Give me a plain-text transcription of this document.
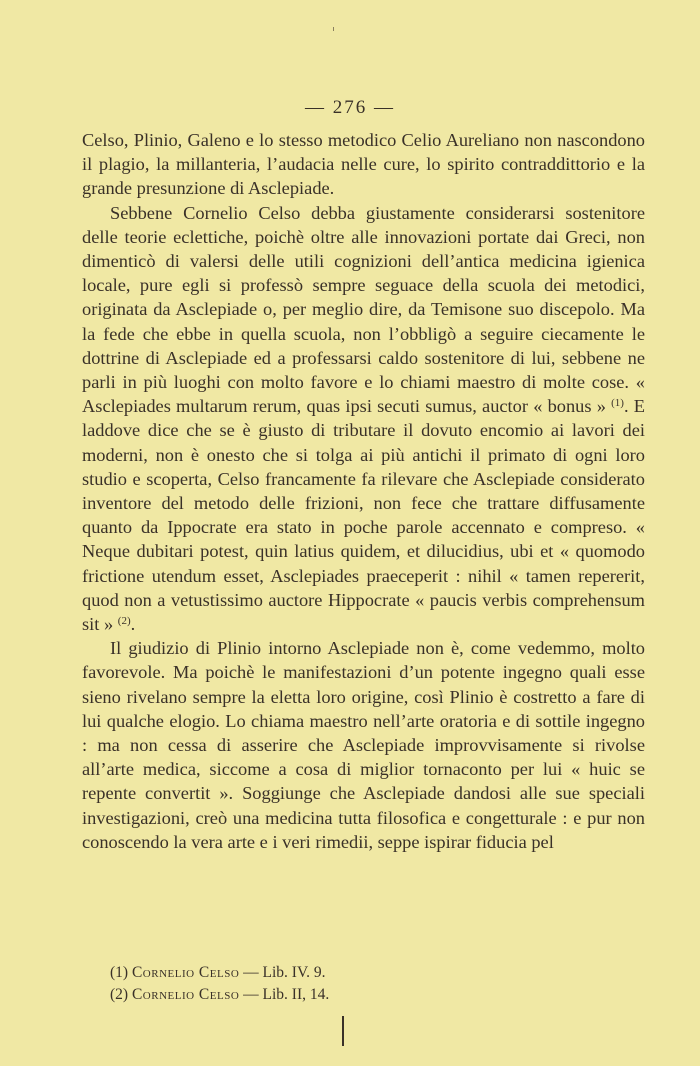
— 276 —

Celso, Plinio, Galeno e lo stesso metodico Celio Aureliano non nascondono il plagio, la millanteria, l’audacia nelle cure, lo spirito contraddittorio e la grande presunzione di Asclepiade.

Sebbene Cornelio Celso debba giustamente considerarsi sostenitore delle teorie eclettiche, poichè oltre alle innovazioni portate dai Greci, non dimenticò di valersi delle utili cognizioni dell’antica medicina igienica locale, pure egli si professò sempre seguace della scuola dei metodici, originata da Asclepiade o, per meglio dire, da Temisone suo discepolo. Ma la fede che ebbe in quella scuola, non l’obbligò a seguire ciecamente le dottrine di Asclepiade ed a professarsi caldo sostenitore di lui, sebbene ne parli in più luoghi con molto favore e lo chiami maestro di molte cose. « Asclepiades multarum rerum, quas ipsi secuti sumus, auctor « bonus » $^{(1)}$. E laddove dice che se è giusto di tributare il dovuto encomio ai lavori dei moderni, non è onesto che si tolga ai più antichi il primato di ogni loro studio e scoperta, Celso francamente fa rilevare che Asclepiade considerato inventore del metodo delle frizioni, non fece che trattare diffusamente quanto da Ippocrate era stato in poche parole accennato e compreso. « Neque dubitari potest, quin latius quidem, et dilucidius, ubi et « quomodo frictione utendum esset, Asclepiades praeceperit : nihil « tamen repererit, quod non a vetustissimo auctore Hippocrate « paucis verbis comprehensum sit » $^{(2)}$.

Il giudizio di Plinio intorno Asclepiade non è, come vedemmo, molto favorevole. Ma poichè le manifestazioni d’un potente ingegno quali esse sieno rivelano sempre la eletta loro origine, così Plinio è costretto a fare di lui qualche elogio. Lo chiama maestro nell’arte oratoria e di sottile ingegno : ma non cessa di asserire che Asclepiade improvvisamente si rivolse all’arte medica, siccome a cosa di miglior tornaconto per lui « huic se repente convertit ». Soggiunge che Asclepiade dandosi alle sue speciali investigazioni, creò una medicina tutta filosofica e congetturale : e pur non conoscendo la vera arte e i veri rimedii, seppe ispirar fiducia pel

(1) Cornelio Celso — Lib. IV. 9.
(2) Cornelio Celso — Lib. II, 14.
